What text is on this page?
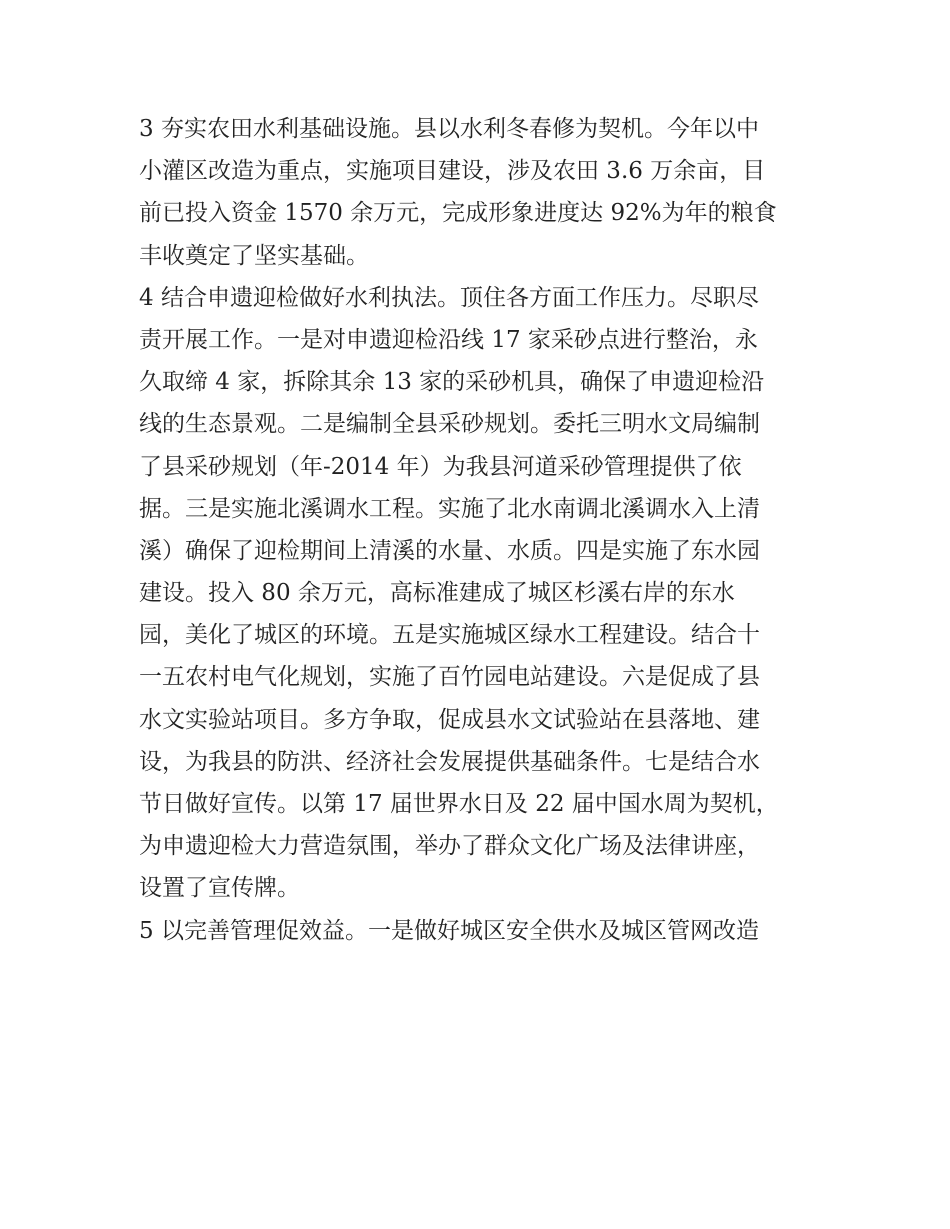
3 夯实农田水利基础设施。县以水利冬春修为契机。今年以中
小灌区改造为重点，实施项目建设，涉及农田 3.6 万余亩，目
前已投入资金 1570 余万元，完成形象进度达 92%为年的粮食
丰收奠定了坚实基础。
4 结合申遗迎检做好水利执法。顶住各方面工作压力。尽职尽
责开展工作。一是对申遗迎检沿线 17 家采砂点进行整治，永
久取缔 4 家，拆除其余 13 家的采砂机具，确保了申遗迎检沿
线的生态景观。二是编制全县采砂规划。委托三明水文局编制
了县采砂规划（年-2014 年）为我县河道采砂管理提供了依
据。三是实施北溪调水工程。实施了北水南调北溪调水入上清
溪）确保了迎检期间上清溪的水量、水质。四是实施了东水园
建设。投入 80 余万元，高标准建成了城区杉溪右岸的东水
园，美化了城区的环境。五是实施城区绿水工程建设。结合十
一五农村电气化规划，实施了百竹园电站建设。六是促成了县
水文实验站项目。多方争取，促成县水文试验站在县落地、建
设，为我县的防洪、经济社会发展提供基础条件。七是结合水
节日做好宣传。以第 17 届世界水日及 22 届中国水周为契机，
为申遗迎检大力营造氛围，举办了群众文化广场及法律讲座，
设置了宣传牌。
5 以完善管理促效益。一是做好城区安全供水及城区管网改造
